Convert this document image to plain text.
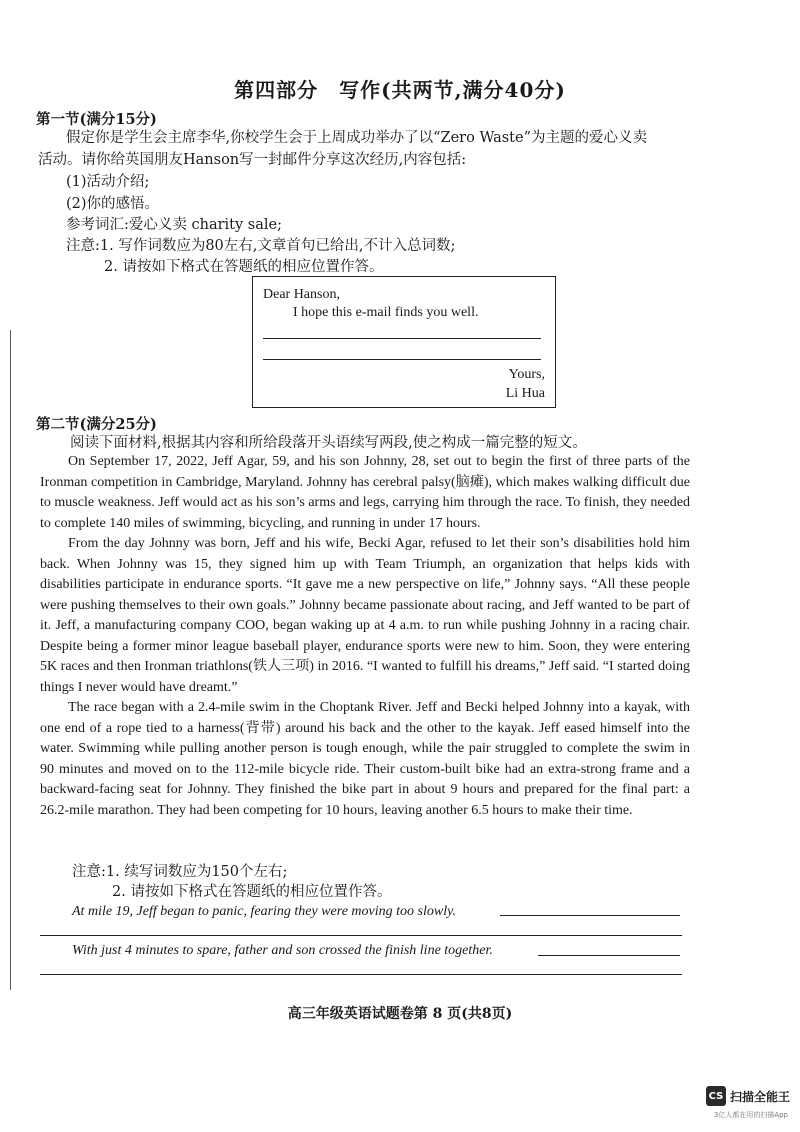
第四部分　写作(共两节,满分40分)
第一节(满分15分)
假定你是学生会主席李华,你校学生会于上周成功举办了以“Zero Waste”为主题的爱心义卖
活动。请你给英国朋友Hanson写一封邮件分享这次经历,内容包括:
(1)活动介绍;
(2)你的感悟。
参考词汇:爱心义卖 charity sale;
注意:1. 写作词数应为80左右,文章首句已给出,不计入总词数;
2. 请按如下格式在答题纸的相应位置作答。
Dear Hanson,
I hope this e-mail finds you well.
Yours,
Li Hua
第二节(满分25分)
阅读下面材料,根据其内容和所给段落开头语续写两段,使之构成一篇完整的短文。

On September 17, 2022, Jeff Agar, 59, and his son Johnny, 28, set out to begin the first of three parts of the Ironman competition in Cambridge, Maryland. Johnny has cerebral palsy(脑瘫), which makes walking difficult due to muscle weakness. Jeff would act as his son’s arms and legs, carrying him through the race. To finish, they needed to complete 140 miles of swimming, bicycling, and running in under 17 hours.

From the day Johnny was born, Jeff and his wife, Becki Agar, refused to let their son’s disabilities hold him back. When Johnny was 15, they signed him up with Team Triumph, an organization that helps kids with disabilities participate in endurance sports. “It gave me a new perspective on life,” Johnny says. “All these people were pushing themselves to their own goals.” Johnny became passionate about racing, and Jeff wanted to be part of it. Jeff, a manufacturing company COO, began waking up at 4 a.m. to run while pushing Johnny in a racing chair. Despite being a former minor league baseball player, endurance sports were new to him. Soon, they were entering 5K races and then Ironman triathlons(铁人三项) in 2016. “I wanted to fulfill his dreams,” Jeff said. “I started doing things I never would have dreamt.”

The race began with a 2.4-mile swim in the Choptank River. Jeff and Becki helped Johnny into a kayak, with one end of a rope tied to a harness(背带) around his back and the other to the kayak. Jeff eased himself into the water. Swimming while pulling another person is tough enough, while the pair struggled to complete the swim in 90 minutes and moved on to the 112-mile bicycle ride. Their custom-built bike had an extra-strong frame and a backward-facing seat for Johnny. They finished the bike part in about 9 hours and prepared for the final part: a 26.2-mile marathon. They had been competing for 10 hours, leaving another 6.5 hours to make their time.

注意:1. 续写词数应为150个左右;
2. 请按如下格式在答题纸的相应位置作答。
At mile 19, Jeff began to panic, fearing they were moving too slowly.
With just 4 minutes to spare, father and son crossed the finish line together.
高三年级英语试题卷第 8 页(共8页)
CS 扫描全能王
3亿人都在用的扫描App
